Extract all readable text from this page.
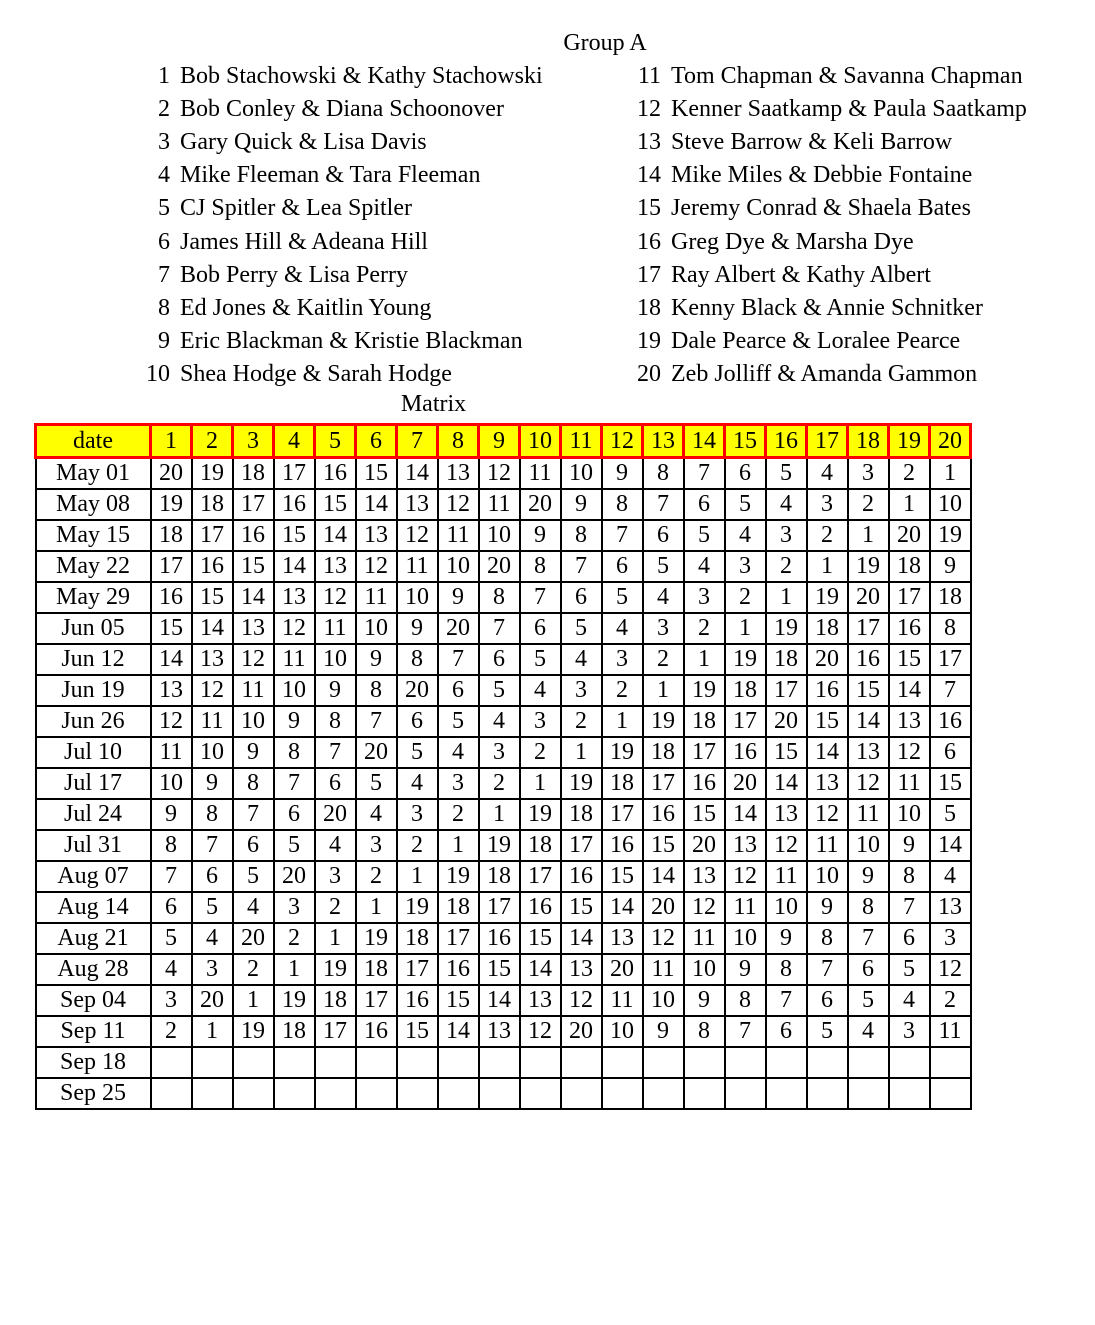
Group A
1 Bob Stachowski & Kathy Stachowski
2 Bob Conley & Diana Schoonover
3 Gary Quick & Lisa Davis
4 Mike Fleeman & Tara Fleeman
5 CJ Spitler & Lea Spitler
6 James Hill & Adeana Hill
7 Bob Perry & Lisa Perry
8 Ed Jones & Kaitlin Young
9 Eric Blackman & Kristie Blackman
10 Shea Hodge & Sarah Hodge
11 Tom Chapman & Savanna Chapman
12 Kenner Saatkamp & Paula Saatkamp
13 Steve Barrow & Keli Barrow
14 Mike Miles & Debbie Fontaine
15 Jeremy Conrad & Shaela Bates
16 Greg Dye & Marsha Dye
17 Ray Albert & Kathy Albert
18 Kenny Black & Annie Schnitker
19 Dale Pearce & Loralee Pearce
20 Zeb Jolliff & Amanda Gammon
Matrix
date	1	2	3	4	5	6	7	8	9	10	11	12	13	14	15	16	17	18	19	20
May 01	20	19	18	17	16	15	14	13	12	11	10	9	8	7	6	5	4	3	2	1
May 08	19	18	17	16	15	14	13	12	11	20	9	8	7	6	5	4	3	2	1	10
May 15	18	17	16	15	14	13	12	11	10	9	8	7	6	5	4	3	2	1	20	19
May 22	17	16	15	14	13	12	11	10	20	8	7	6	5	4	3	2	1	19	18	9
May 29	16	15	14	13	12	11	10	9	8	7	6	5	4	3	2	1	19	20	17	18
Jun 05	15	14	13	12	11	10	9	20	7	6	5	4	3	2	1	19	18	17	16	8
Jun 12	14	13	12	11	10	9	8	7	6	5	4	3	2	1	19	18	20	16	15	17
Jun 19	13	12	11	10	9	8	20	6	5	4	3	2	1	19	18	17	16	15	14	7
Jun 26	12	11	10	9	8	7	6	5	4	3	2	1	19	18	17	20	15	14	13	16
Jul 10	11	10	9	8	7	20	5	4	3	2	1	19	18	17	16	15	14	13	12	6
Jul 17	10	9	8	7	6	5	4	3	2	1	19	18	17	16	20	14	13	12	11	15
Jul 24	9	8	7	6	20	4	3	2	1	19	18	17	16	15	14	13	12	11	10	5
Jul 31	8	7	6	5	4	3	2	1	19	18	17	16	15	20	13	12	11	10	9	14
Aug 07	7	6	5	20	3	2	1	19	18	17	16	15	14	13	12	11	10	9	8	4
Aug 14	6	5	4	3	2	1	19	18	17	16	15	14	20	12	11	10	9	8	7	13
Aug 21	5	4	20	2	1	19	18	17	16	15	14	13	12	11	10	9	8	7	6	3
Aug 28	4	3	2	1	19	18	17	16	15	14	13	20	11	10	9	8	7	6	5	12
Sep 04	3	20	1	19	18	17	16	15	14	13	12	11	10	9	8	7	6	5	4	2
Sep 11	2	1	19	18	17	16	15	14	13	12	20	10	9	8	7	6	5	4	3	11
Sep 18																				
Sep 25																				
